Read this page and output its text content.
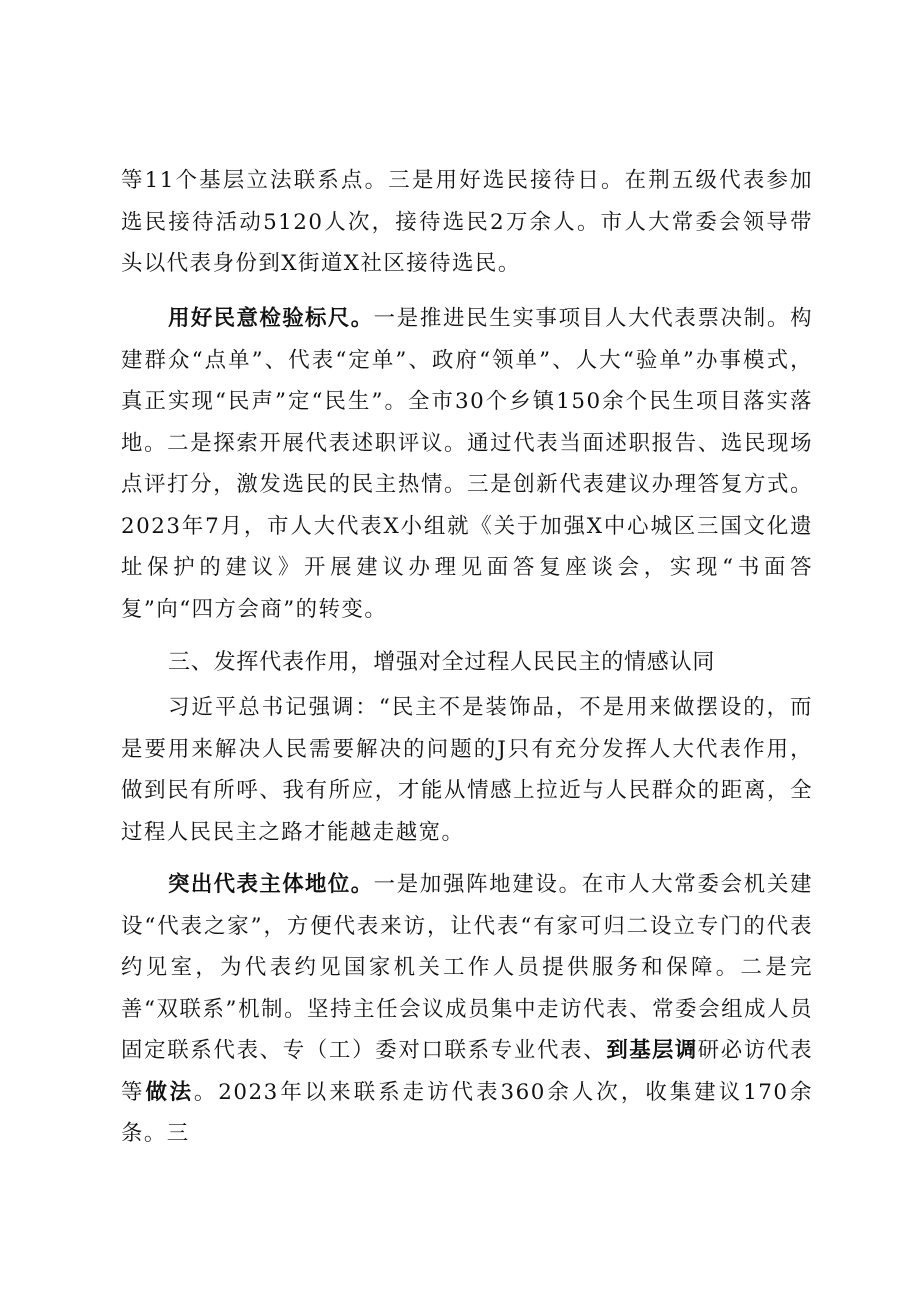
等11个基层立法联系点。三是用好选民接待日。在荆五级代表参加选民接待活动5120人次，接待选民2万余人。市人大常委会领导带头以代表身份到X街道X社区接待选民。

用好民意检验标尺。一是推进民生实事项目人大代表票决制。构建群众“点单”、代表“定单”、政府“领单”、人大“验单”办事模式，真正实现“民声”定“民生”。全市30个乡镇150余个民生项目落实落地。二是探索开展代表述职评议。通过代表当面述职报告、选民现场点评打分，激发选民的民主热情。三是创新代表建议办理答复方式。2023年7月，市人大代表X小组就《关于加强X中心城区三国文化遗址保护的建议》开展建议办理见面答复座谈会，实现“书面答复”向“四方会商”的转变。

三、发挥代表作用，增强对全过程人民民主的情感认同

习近平总书记强调：“民主不是装饰品，不是用来做摆设的，而是要用来解决人民需要解决的问题的J只有充分发挥人大代表作用，做到民有所呼、我有所应，才能从情感上拉近与人民群众的距离，全过程人民民主之路才能越走越宽。

突出代表主体地位。一是加强阵地建设。在市人大常委会机关建设“代表之家”，方便代表来访，让代表“有家可归二设立专门的代表约见室，为代表约见国家机关工作人员提供服务和保障。二是完善“双联系”机制。坚持主任会议成员集中走访代表、常委会组成人员固定联系代表、专（工）委对口联系专业代表、到基层调研必访代表等做法。2023年以来联系走访代表360余人次，收集建议170余条。三
